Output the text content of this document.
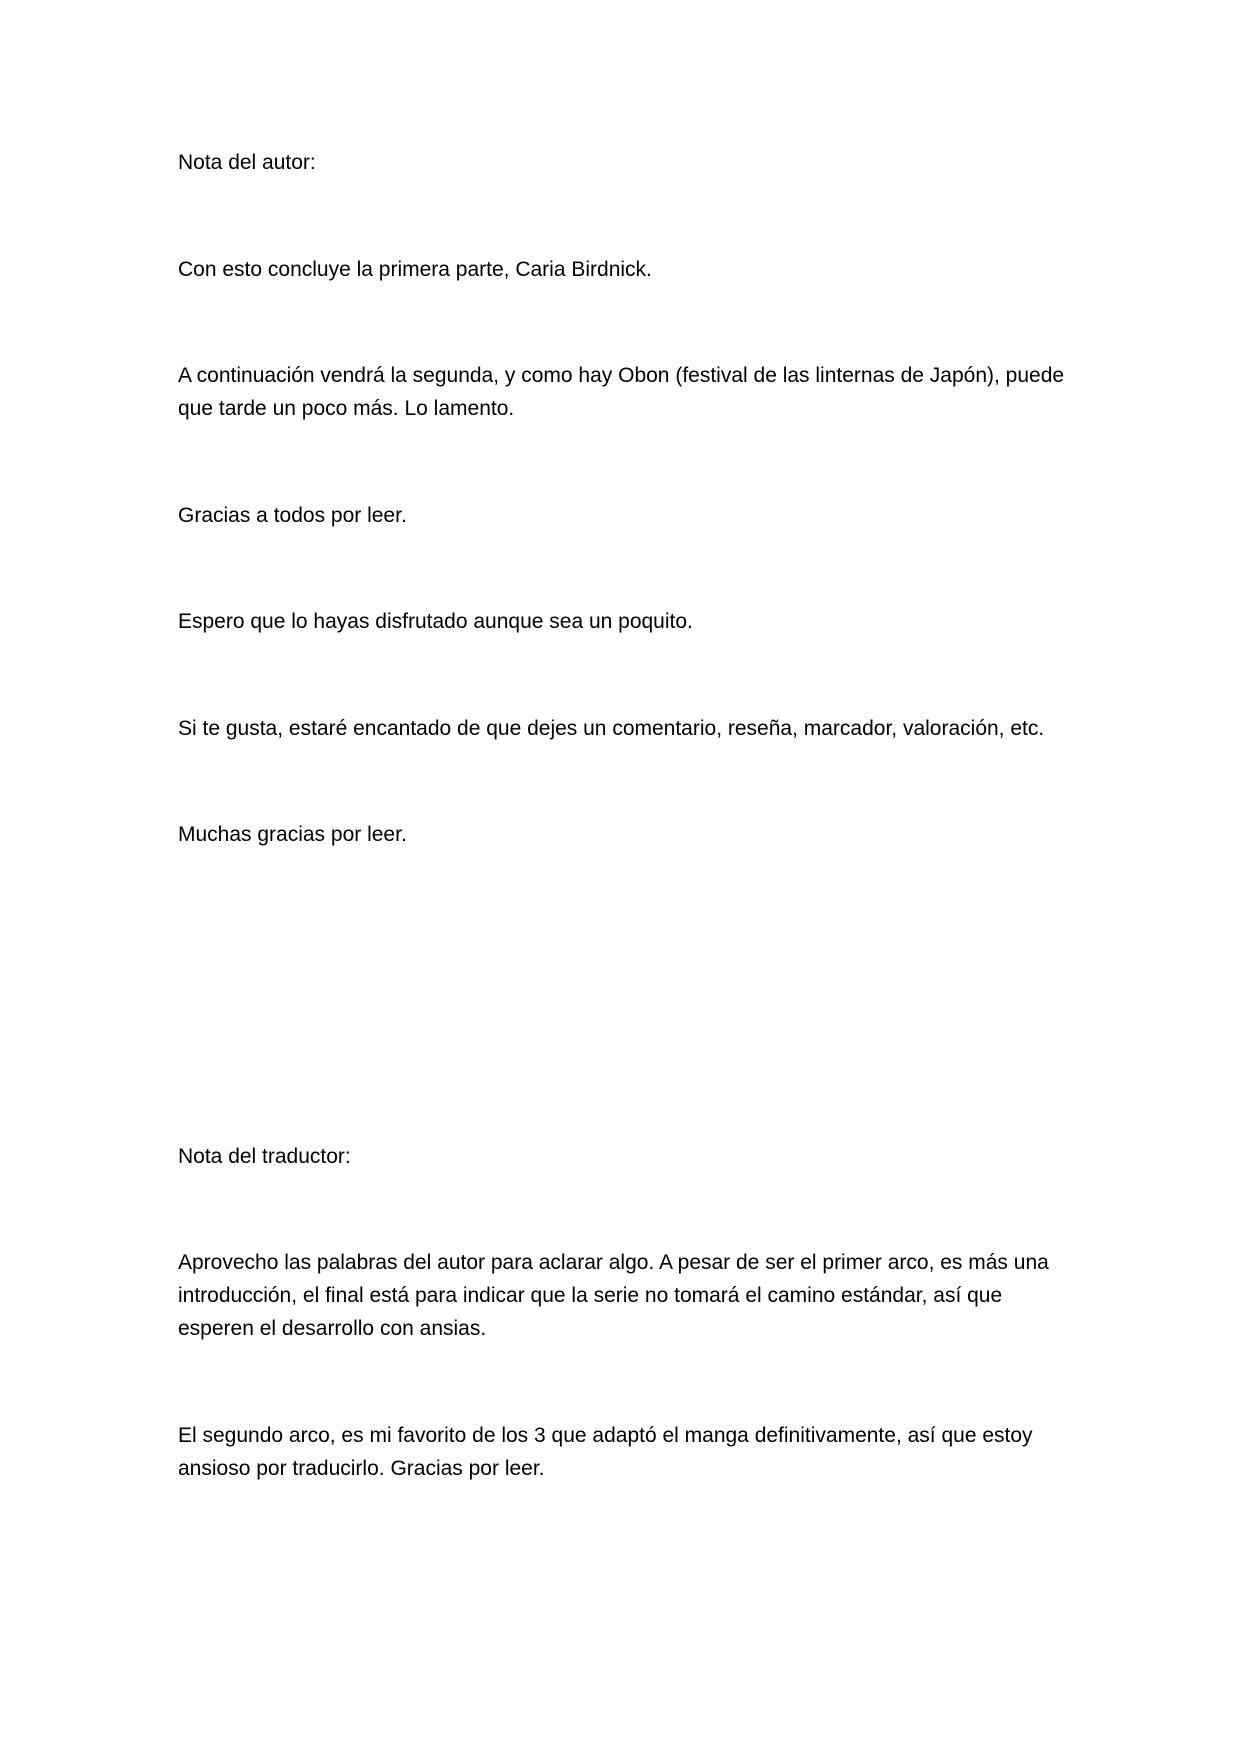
Nota del autor:

Con esto concluye la primera parte, Caria Birdnick.

A continuación vendrá la segunda, y como hay Obon (festival de las linternas de Japón), puede que tarde un poco más. Lo lamento.

Gracias a todos por leer.

Espero que lo hayas disfrutado aunque sea un poquito.

Si te gusta, estaré encantado de que dejes un comentario, reseña, marcador, valoración, etc.

Muchas gracias por leer.

Nota del traductor:

Aprovecho las palabras del autor para aclarar algo. A pesar de ser el primer arco, es más una introducción, el final está para indicar que la serie no tomará el camino estándar, así que esperen el desarrollo con ansias.

El segundo arco, es mi favorito de los 3 que adaptó el manga definitivamente, así que estoy ansioso por traducirlo. Gracias por leer.
